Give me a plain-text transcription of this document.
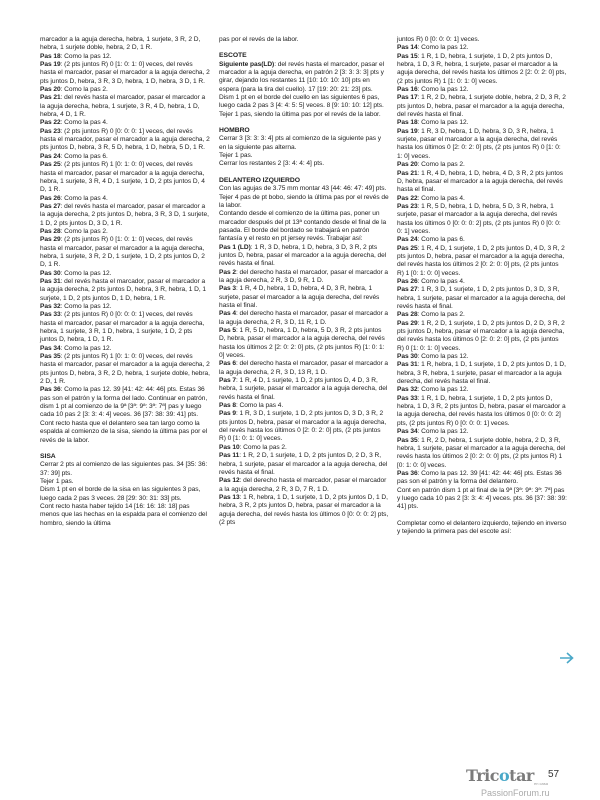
marcador a la aguja derecha, hebra, 1 surjete, 3 R, 2 D, hebra, 1 surjete doble, hebra, 2 D, 1 R.

Pas 18: Como la pas 12.

Pas 19: (2 pts juntos R) 0 [1: 0: 1: 0] veces, del revés hasta el marcador, pasar el marcador a la aguja derecha, 2 pts juntos D, hebra, 3 R, 3 D, hebra, 1 D, hebra, 3 D, 1 R.

Pas 20: Como la pas 2.

Pas 21: del revés hasta el marcador, pasar el marcador a la aguja derecha, hebra, 1 surjete, 3 R, 4 D, hebra, 1 D, hebra, 4 D, 1 R.

Pas 22: Como la pas 4.

Pas 23: (2 pts juntos R) 0 [0: 0: 0: 1] veces, del revés hasta el marcador, pasar el marcador a la aguja derecha, 2 pts juntos D, hebra, 3 R, 5 D, hebra, 1 D, hebra, 5 D, 1 R.

Pas 24: Como la pas 6.

Pas 25: (2 pts juntos R) 1 [0: 1: 0: 0] veces, del revés hasta el marcador, pasar el marcador a la aguja derecha, hebra, 1 surjete, 3 R, 4 D, 1 surjete, 1 D, 2 pts juntos D, 4 D, 1 R.

Pas 26: Como la pas 4.

Pas 27: del revés hasta el marcador, pasar el marcador a la aguja derecha, 2 pts juntos D, hebra, 3 R, 3 D, 1 surjete, 1 D, 2 pts juntos D, 3 D, 1 R.

Pas 28: Como la pas 2.

Pas 29: (2 pts juntos R) 0 [1: 0: 1: 0] veces, del revés hasta el marcador, pasar el marcador a la aguja derecha, hebra, 1 surjete, 3 R, 2 D, 1 surjete, 1 D, 2 pts juntos D, 2 D, 1 R.

Pas 30: Como la pas 12.

Pas 31: del revés hasta el marcador, pasar el marcador a la aguja derecha, 2 pts juntos D, hebra, 3 R, hebra, 1 D, 1 surjete, 1 D, 2 pts juntos D, 1 D, hebra, 1 R.

Pas 32: Como la pas 12.

Pas 33: (2 pts juntos R) 0 [0: 0: 0: 1] veces, del revés hasta el marcador, pasar el marcador a la aguja derecha, hebra, 1 surjete, 3 R, 1 D, hebra, 1 surjete, 1 D, 2 pts juntos D, hebra, 1 D, 1 R.

Pas 34: Como la pas 12.

Pas 35: (2 pts juntos R) 1 [0: 1: 0: 0] veces, del revés hasta el marcador, pasar el marcador a la aguja derecha, 2 pts juntos D, hebra, 3 R, 2 D, hebra, 1 surjete doble, hebra, 2 D, 1 R.

Pas 36: Como la pas 12. 39 [41: 42: 44: 46] pts. Estas 36 pas son el patrón y la forma del lado. Continuar en patrón, dism 1 pt al comienzo de la 9ª [3ª: 9ª: 3ª: 7ª] pas y luego cada 10 pas 2 [3: 3: 4: 4] veces. 36 [37: 38: 39: 41] pts. Cont recto hasta que el delantero sea tan largo como la espalda al comienzo de la sisa, siendo la última pas por el revés de la labor.

SISA

Cerrar 2 pts al comienzo de las siguientes pas. 34 [35: 36: 37: 39] pts.

Tejer 1 pas.

Dism 1 pt en el borde de la sisa en las siguientes 3 pas, luego cada 2 pas 3 veces. 28 [29: 30: 31: 33] pts.

Cont recto hasta haber tejido 14 [16: 16: 18: 18] pas menos que las hechas en la espalda para el comienzo del hombro, siendo la última

pas por el revés de la labor.

ESCOTE

Siguiente pas(LD): del revés hasta el marcador, pasar el marcador a la aguja derecha, en patrón 2 [3: 3: 3: 3] pts y girar, dejando los restantes 11 [10: 10: 10: 10] pts en espera (para la tira del cuello). 17 [19: 20: 21: 23] pts.

Dism 1 pt en el borde del cuello en las siguientes 6 pas, luego cada 2 pas 3 [4: 4: 5: 5] veces. 8 [9: 10: 10: 12] pts.

Tejer 1 pas, siendo la última pas por el revés de la labor.

HOMBRO

Cerrar 3 [3: 3: 3: 4] pts al comienzo de la siguiente pas y en la siguiente pas alterna.

Tejer 1 pas.

Cerrar los restantes 2 [3: 4: 4: 4] pts.

DELANTERO IZQUIERDO

Con las agujas de 3.75 mm montar 43 [44: 46: 47: 49] pts.

Tejer 4 pas de pt bobo, siendo la última pas por el revés de la labor.

Contando desde el comienzo de la última pas, poner un marcador después del pt 13ª contando desde el final de la pasada. El borde del bordado se trabajará en patrón fantasía y el resto en pt jersey revés. Trabajar así:

Pas 1 (LD): 1 R, 3 D, hebra, 1 D, hebra, 3 D, 3 R, 2 pts juntos D, hebra, pasar el marcador a la aguja derecha, del revés hasta el final.

Pas 2: del derecho hasta el marcador, pasar el marcador a la aguja derecha, 2 R, 3 D, 9 R, 1 D.

Pas 3: 1 R, 4 D, hebra, 1 D, hebra, 4 D, 3 R, hebra, 1 surjete, pasar el marcador a la aguja derecha, del revés hasta el final.

Pas 4: del derecho hasta el marcador, pasar el marcador a la aguja derecha, 2 R, 3 D, 11 R, 1 D.

Pas 5: 1 R, 5 D, hebra, 1 D, hebra, 5 D, 3 R, 2 pts juntos D, hebra, pasar el marcador a la aguja derecha, del revés hasta los últimos 2 [2: 0: 2: 0] pts, (2 pts juntos R) [1: 0: 1: 0] veces.

Pas 6: del derecho hasta el marcador, pasar el marcador a la aguja derecha, 2 R, 3 D, 13 R, 1 D.

Pas 7: 1 R, 4 D, 1 surjete, 1 D, 2 pts juntos D, 4 D, 3 R, hebra, 1 surjete, pasar el marcador a la aguja derecha, del revés hasta el final.

Pas 8: Como la pas 4.

Pas 9: 1 R, 3 D, 1 surjete, 1 D, 2 pts juntos D, 3 D, 3 R, 2 pts juntos D, hebra, pasar el marcador a la aguja derecha, del revés hasta los últimos 0 [2: 0: 2: 0] pts, (2 pts juntos R) 0 [1: 0: 1: 0] veces.

Pas 10: Como la pas 2.

Pas 11: 1 R, 2 D, 1 surjete, 1 D, 2 pts juntos D, 2 D, 3 R, hebra, 1 surjete, pasar el marcador a la aguja derecha, del revés hasta el final.

Pas 12: del derecho hasta el marcador, pasar el marcador a la aguja derecha, 2 R, 3 D, 7 R, 1 D.

Pas 13: 1 R, hebra, 1 D, 1 surjete, 1 D, 2 pts juntos D, 1 D, hebra, 3 R, 2 pts juntos D, hebra, pasar el marcador a la aguja derecha, del revés hasta los últimos 0 [0: 0: 0: 2] pts, (2 pts

juntos R) 0 [0: 0: 0: 1] veces.

Pas 14: Como la pas 12.

Pas 15: 1 R, 1 D, hebra, 1 surjete, 1 D, 2 pts juntos D, hebra, 1 D, 3 R, hebra, 1 surjete, pasar el marcador a la aguja derecha, del revés hasta los últimos 2 [2: 0: 2: 0] pts, (2 pts juntos R) 1 [1: 0: 1: 0] veces.

Pas 16: Como la pas 12.

Pas 17: 1 R, 2 D, hebra, 1 surjete doble, hebra, 2 D, 3 R, 2 pts juntos D, hebra, pasar el marcador a la aguja derecha, del revés hasta el final.

Pas 18: Como la pas 12.

Pas 19: 1 R, 3 D, hebra, 1 D, hebra, 3 D, 3 R, hebra, 1 surjete, pasar el marcador a la aguja derecha, del revés hasta los últimos 0 [2: 0: 2: 0] pts, (2 pts juntos R) 0 [1: 0: 1: 0] veces.

Pas 20: Como la pas 2.

Pas 21: 1 R, 4 D, hebra, 1 D, hebra, 4 D, 3 R, 2 pts juntos D, hebra, pasar el marcador a la aguja derecha, del revés hasta el final.

Pas 22: Como la pas 4.

Pas 23: 1 R, 5 D, hebra, 1 D, hebra, 5 D, 3 R, hebra, 1 surjete, pasar el marcador a la aguja derecha, del revés hasta los últimos 0 [0: 0: 0: 2] pts, (2 pts juntos R) 0 [0: 0: 0: 1] veces.

Pas 24: Como la pas 6.

Pas 25: 1 R, 4 D, 1 surjete, 1 D, 2 pts juntos D, 4 D, 3 R, 2 pts juntos D, hebra, pasar el marcador a la aguja derecha, del revés hasta los últimos 2 [0: 2: 0: 0] pts, (2 pts juntos R) 1 [0: 1: 0: 0] veces.

Pas 26: Como la pas 4.

Pas 27: 1 R, 3 D, 1 surjete, 1 D, 2 pts juntos D, 3 D, 3 R, hebra, 1 surjete, pasar el marcador a la aguja derecha, del revés hasta el final.

Pas 28: Como la pas 2.

Pas 29: 1 R, 2 D, 1 surjete, 1 D, 2 pts juntos D, 2 D, 3 R, 2 pts juntos D, hebra, pasar el marcador a la aguja derecha, del revés hasta los últimos 0 [2: 0: 2: 0] pts, (2 pts juntos R) 0 [1: 0: 1: 0] veces.

Pas 30: Como la pas 12.

Pas 31: 1 R, hebra, 1 D, 1 surjete, 1 D, 2 pts juntos D, 1 D, hebra, 3 R, hebra, 1 surjete, pasar el marcador a la aguja derecha, del revés hasta el final.

Pas 32: Como la pas 12.

Pas 33: 1 R, 1 D, hebra, 1 surjete, 1 D, 2 pts juntos D, hebra, 1 D, 3 R, 2 pts juntos D, hebra, pasar el marcador a la aguja derecha, del revés hasta los últimos 0 [0: 0: 0: 2] pts, (2 pts juntos R) 0 [0: 0: 0: 1] veces.

Pas 34: Como la pas 12.

Pas 35: 1 R, 2 D, hebra, 1 surjete doble, hebra, 2 D, 3 R, hebra, 1 surjete, pasar el marcador a la aguja derecha, del revés hasta los últimos 2 [0: 2: 0: 0] pts, (2 pts juntos R) 1 [0: 1: 0: 0] veces.

Pas 36: Como la pas 12. 39 [41: 42: 44: 46] pts. Estas 36 pas son el patrón y la forma del delantero.

Cont en patrón dism 1 pt al final de la 9ª [3ª: 9ª: 3ª: 7ª] pas y luego cada 10 pas 2 [3: 3: 4: 4] veces. pts. 36 [37: 38: 39: 41] pts.

Completar como el delantero izquierdo, tejiendo en inverso y tejiendo la primera pas del escote así:

Tricotar en casa
57
PassionForum.ru
